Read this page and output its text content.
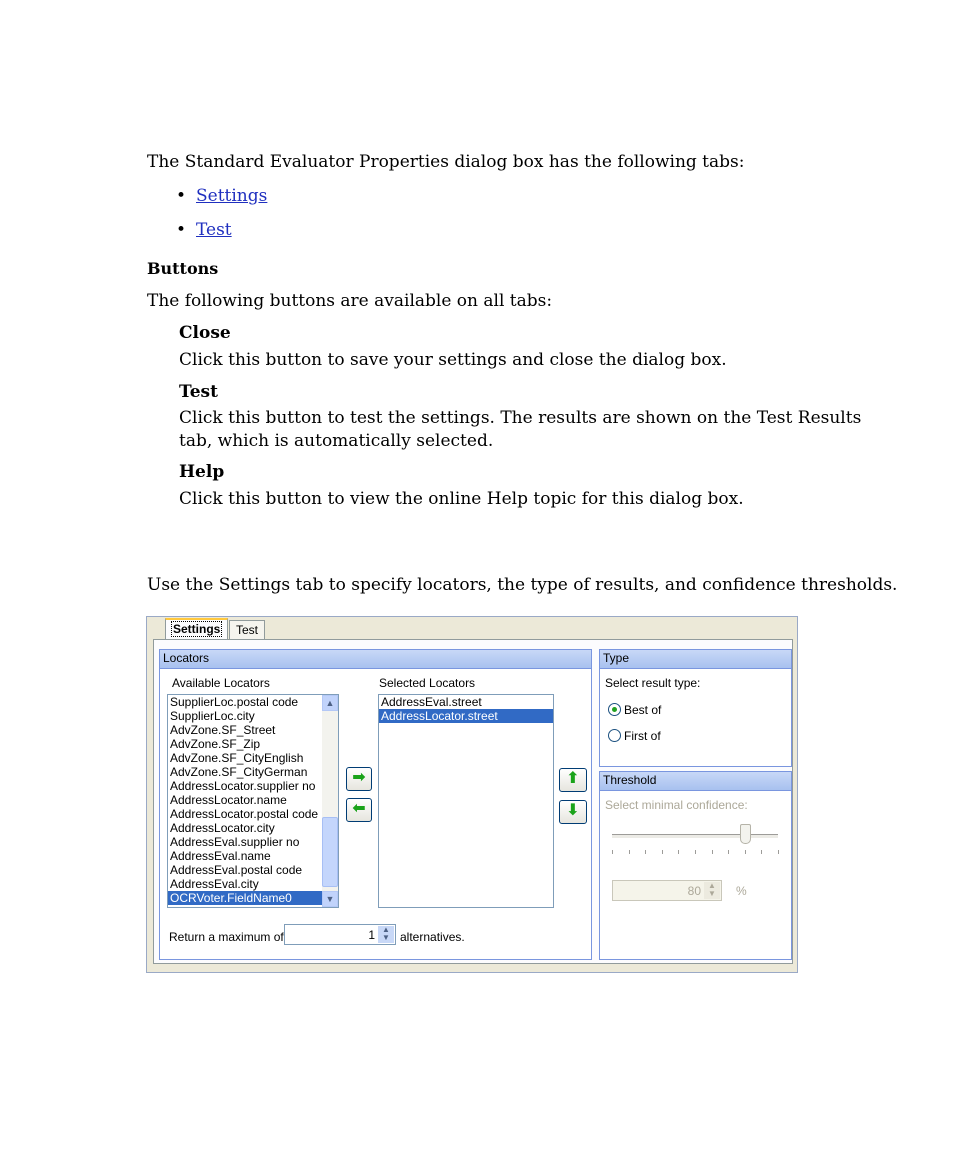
The Standard Evaluator Properties dialog box has the following tabs:
• Settings
• Test
Buttons
The following buttons are available on all tabs:
Close
Click this button to save your settings and close the dialog box.
Test
Click this button to test the settings. The results are shown on the Test Results
tab, which is automatically selected.
Help
Click this button to view the online Help topic for this dialog box.
Use the Settings tab to specify locators, the type of results, and confidence thresholds.
Settings	Test
Locators
Available Locators	Selected Locators
SupplierLoc.postal code
SupplierLoc.city
AdvZone.SF_Street
AdvZone.SF_Zip
AdvZone.SF_CityEnglish
AdvZone.SF_CityGerman
AddressLocator.supplier no
AddressLocator.name
AddressLocator.postal code
AddressLocator.city
AddressEval.supplier no
AddressEval.name
AddressEval.postal code
AddressEval.city
OCRVoter.FieldName0
▲
▼
➡
⬅
AddressEval.street
AddressLocator.street
⬆
⬇
Return a maximum of	1 ▲
▼ alternatives.
Type
Select result type:
Best of
First of
Threshold
Select minimal confidence:
80 ▲
▼	%
